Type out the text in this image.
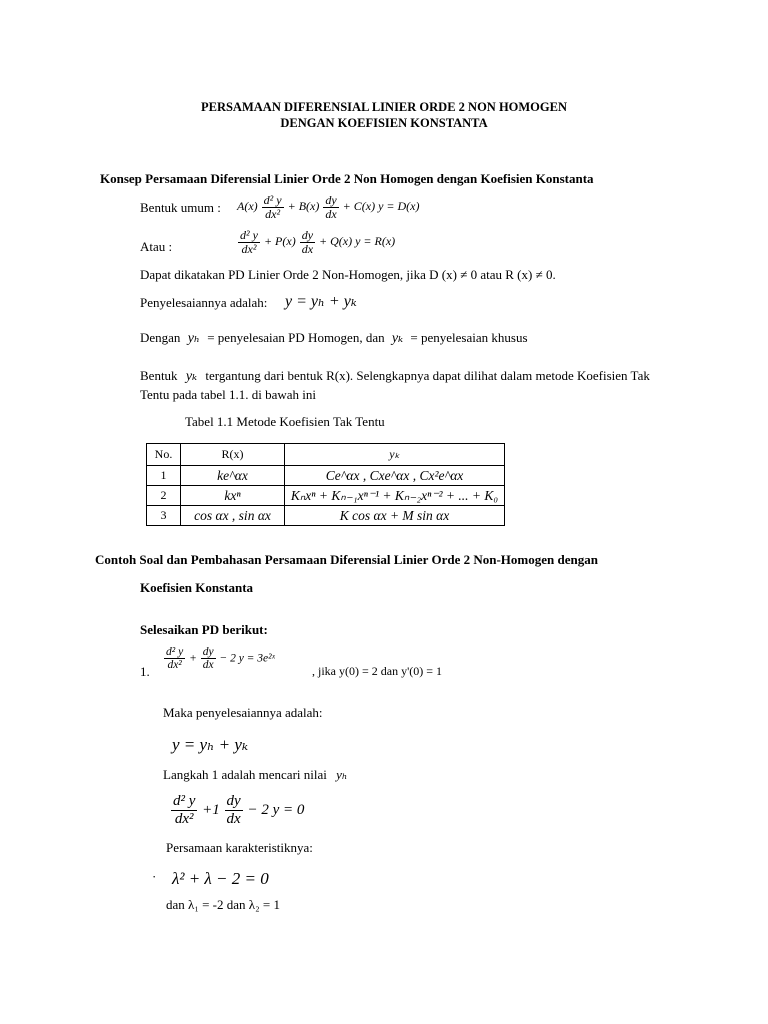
PERSAMAAN DIFERENSIAL LINIER ORDE 2 NON HOMOGEN
DENGAN KOEFISIEN KONSTANTA
Konsep Persamaan Diferensial Linier Orde 2 Non Homogen dengan Koefisien Konstanta
Bentuk umum : $A(x) \frac{\text{d² y}}{\text{dx²}} + B(x) \frac{dy}{dx} + C(x) y = D(x)$
Atau :	$\frac{\text{d² y}}{\text{dx²}} + P(x) \frac{dy}{dx} + Q(x) y = R(x)$
Dapat dikatakan PD Linier Orde 2 Non-Homogen, jika D (x) ≠ 0 atau R (x) ≠ 0.
Penyelesaiannya adalah: y = yₕ + yₖ
Dengan yₕ = penyelesaian PD Homogen, dan yₖ = penyelesaian khusus
Bentuk yₖ tergantung dari bentuk R(x). Selengkapnya dapat dilihat dalam metode Koefisien Tak
Tentu pada tabel 1.1. di bawah ini
Tabel 1.1 Metode Koefisien Tak Tentu
No.	R(x)	yₖ
1	ke^αx	Ce^αx , Cxe^αx , Cx²e^αx
2	kxⁿ	Kₙxⁿ + Kₙ₋₁xⁿ⁻¹ + Kₙ₋₂xⁿ⁻² + ... + K₀
3	cos αx , sin αx	K cos αx + M sin αx
Contoh Soal dan Pembahasan Persamaan Diferensial Linier Orde 2 Non-Homogen dengan
Koefisien Konstanta
Selesaikan PD berikut:
1. $\frac{\text{d² y}}{\text{dx²}} + \frac{dy}{dx} - 2$ y = 3e²ˣ
, jika y(0) = 2 dan y'(0) = 1
Maka penyelesaiannya adalah:
y = yₕ + yₖ
Langkah 1 adalah mencari nilai yₕ
$\frac{\text{d² y}}{\text{dx²}} +1 \frac{dy}{dx} - 2$ y = 0
Persamaan karakteristiknya:
· λ² + λ − 2 = 0
dan λ₁ = -2 dan λ₂ = 1
